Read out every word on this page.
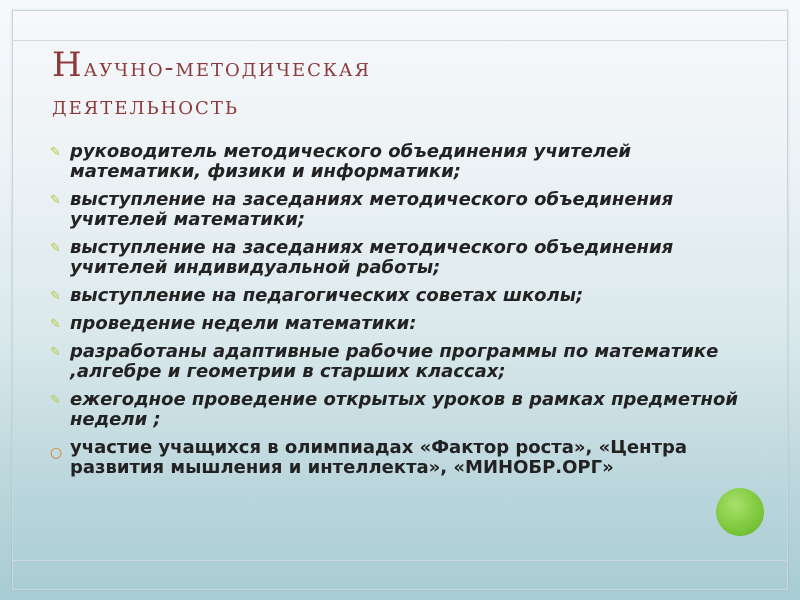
Научно-методическая
деятельность
✎ руководитель методического объединения учителей математики, физики и информатики;
✎ выступление на заседаниях методического объединения учителей математики;
✎ выступление на заседаниях методического объединения учителей индивидуальной работы;
✎ выступление на педагогических советах школы;
✎ проведение недели математики:
✎ разработаны адаптивные рабочие программы по математике ,алгебре и геометрии в старших классах;
✎ ежегодное проведение открытых уроков в рамках предметной недели ;
○ участие учащихся в олимпиадах «Фактор роста», «Центра развития мышления и интеллекта», «МИНОБР.ОРГ»
